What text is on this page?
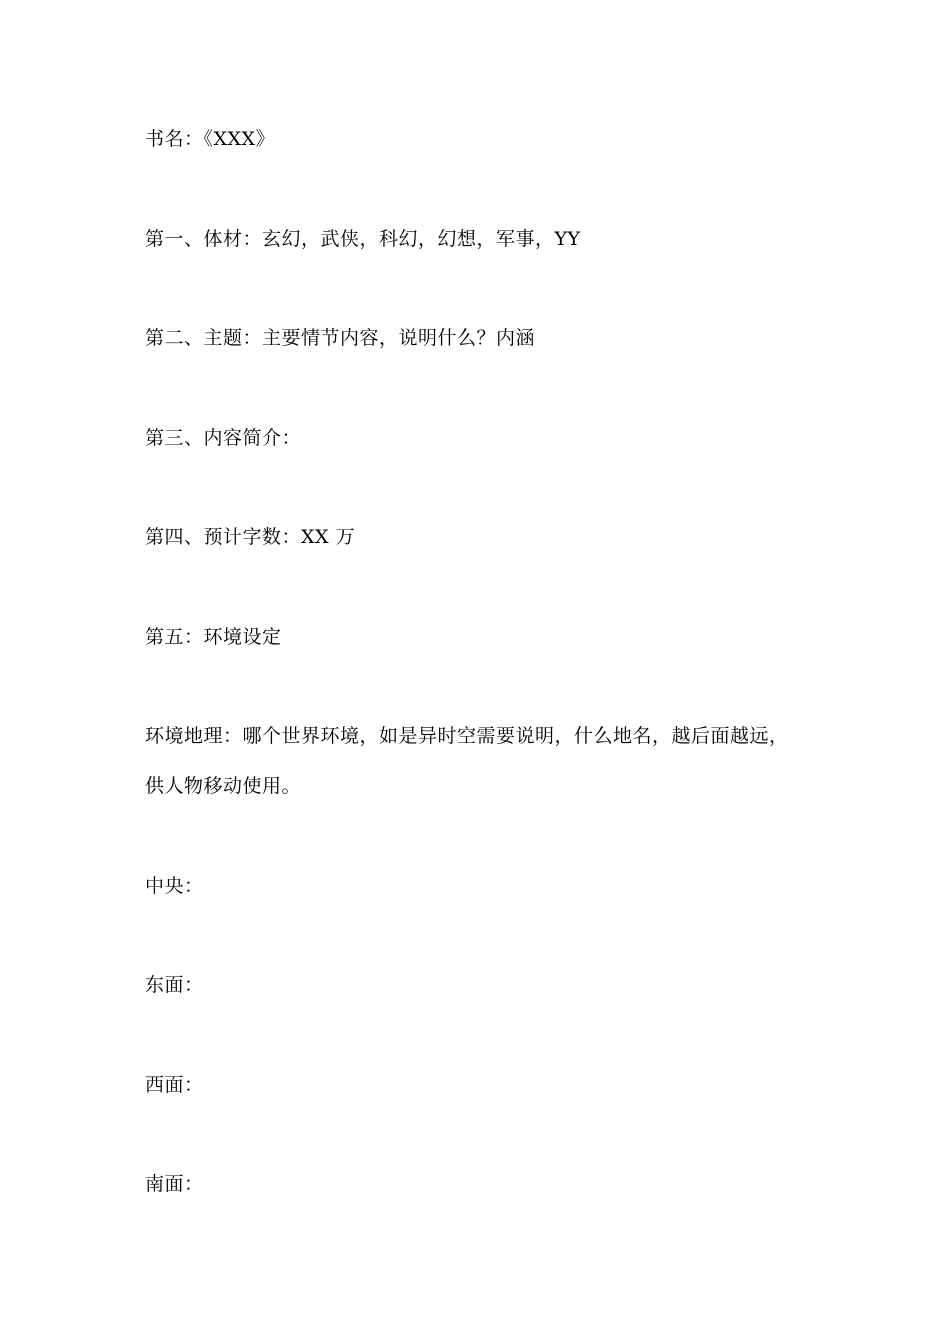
书名：《XXX》
第一、体材：玄幻，武侠，科幻，幻想，军事，YY
第二、主题：主要情节内容，说明什么？内涵
第三、内容简介：
第四、预计字数：XX 万
第五：环境设定
环境地理：哪个世界环境，如是异时空需要说明，什么地名，越后面越远，
供人物移动使用。
中央：
东面：
西面：
南面：
